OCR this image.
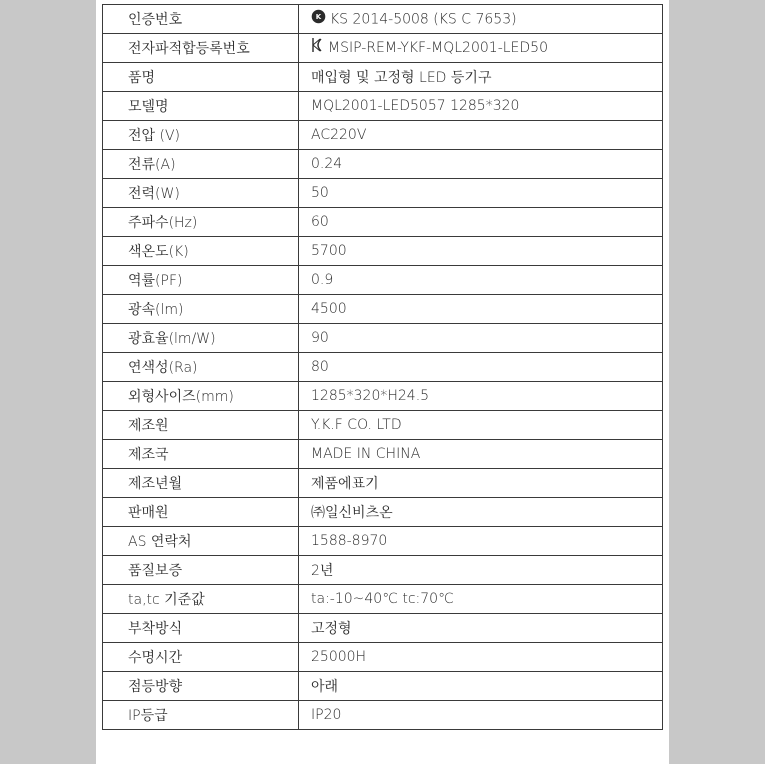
인증번호	K KS 2014-5008 (KS C 7653)
전자파적합등록번호	MSIP-REM-YKF-MQL2001-LED50
품명	매입형 및 고정형 LED 등기구
모델명	MQL2001-LED5057 1285*320
전압 (V)	AC220V
전류(A)	0.24
전력(W)	50
주파수(Hz)	60
색온도(K)	5700
역률(PF)	0.9
광속(lm)	4500
광효율(lm/W)	90
연색성(Ra)	80
외형사이즈(mm)	1285*320*H24.5
제조원	Y.K.F CO. LTD
제조국	MADE IN CHINA
제조년월	제품에표기
판매원	㈜일신비츠온
AS 연락처	1588-8970
품질보증	2년
ta,tc 기준값	ta:-10~40℃ tc:70℃
부착방식	고정형
수명시간	25000H
점등방향	아래
IP등급	IP20
